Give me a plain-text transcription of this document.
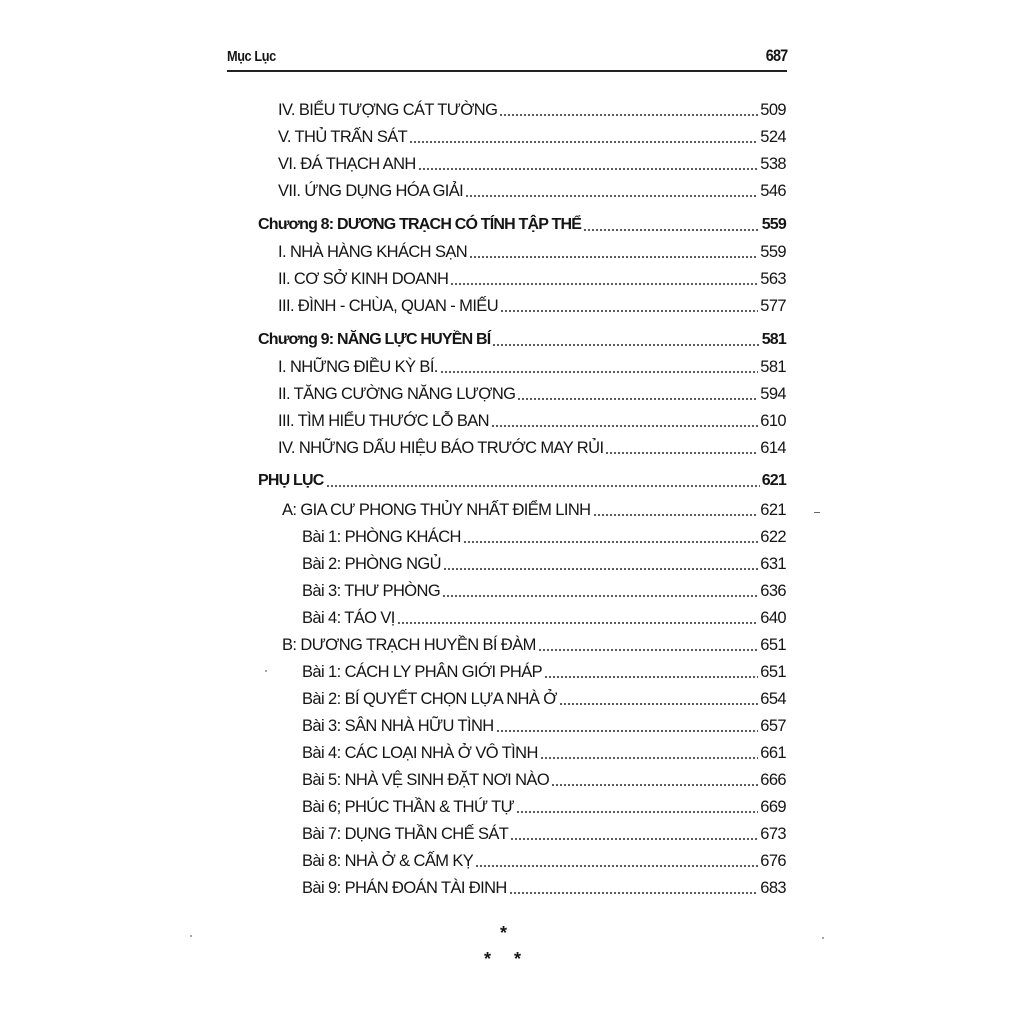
Mục Lục	687
IV. BIỂU TƯỢNG CÁT TƯỜNG	509
V. THỦ TRẤN SÁT	524
VI. ĐÁ THẠCH ANH	538
VII. ỨNG DỤNG HÓA GIẢI	546
Chương 8: DƯƠNG TRẠCH CÓ TÍNH TẬP THỂ	559
I. NHÀ HÀNG KHÁCH SẠN	559
II. CƠ SỞ KINH DOANH	563
III. ĐÌNH - CHÙA, QUAN - MIẾU	577
Chương 9: NĂNG LỰC HUYỀN BÍ	581
I. NHỮNG ĐIỀU KỲ BÍ.	581
II. TĂNG CƯỜNG NĂNG LƯỢNG	594
III. TÌM HIỂU THƯỚC LỖ BAN	610
IV. NHỮNG DẤU HIỆU BÁO TRƯỚC MAY RỦI	614
PHỤ LỤC	621
A: GIA CƯ PHONG THỦY NHẤT ĐIỂM LINH	621
Bài 1: PHÒNG KHÁCH	622
Bài 2: PHÒNG NGỦ	631
Bài 3: THƯ PHÒNG	636
Bài 4: TÁO VỊ	640
B: DƯƠNG TRẠCH HUYỀN BÍ ĐÀM	651
Bài 1: CÁCH LY PHÂN GIỚI PHÁP	651
Bài 2: BÍ QUYẾT CHỌN LỰA NHÀ Ở	654
Bài 3: SÂN NHÀ HỮU TÌNH	657
Bài 4: CÁC LOẠI NHÀ Ở VÔ TÌNH	661
Bài 5: NHÀ VỆ SINH ĐẶT NƠI NÀO	666
Bài 6; PHÚC THẦN & THỨ TỰ	669
Bài 7: DỤNG THẦN CHẾ SÁT	673
Bài 8: NHÀ Ở & CẤM KỴ	676
Bài 9: PHÁN ĐOÁN TÀI ĐINH	683
*
* *
